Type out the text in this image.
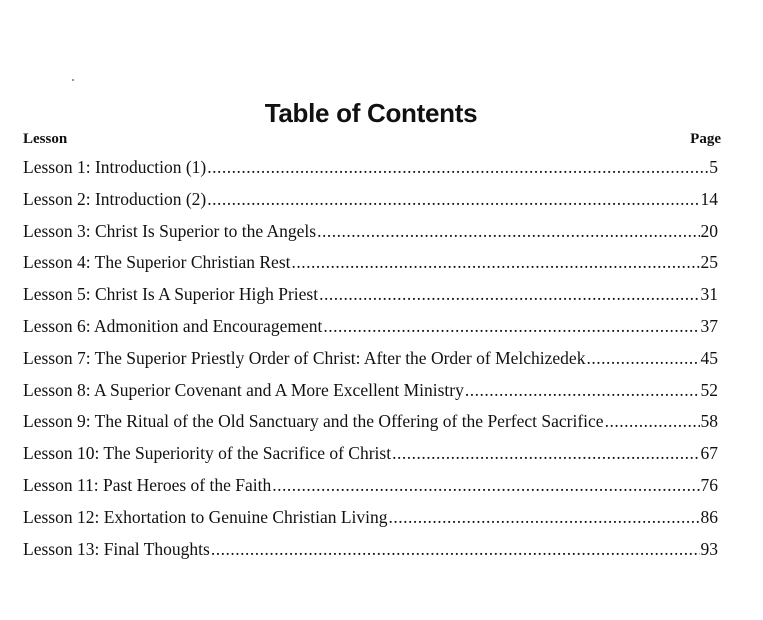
Table of Contents
Lesson	Page
Lesson 1: Introduction (1) .....	5
Lesson 2: Introduction (2) .....	14
Lesson 3: Christ Is Superior to the Angels .....	20
Lesson 4: The Superior Christian Rest .....	25
Lesson 5: Christ Is A Superior High Priest .....	31
Lesson 6: Admonition and Encouragement .....	37
Lesson 7: The Superior Priestly Order of Christ: After the Order of Melchizedek .....	45
Lesson 8: A Superior Covenant and A More Excellent Ministry .....	52
Lesson 9: The Ritual of the Old Sanctuary and the Offering of the Perfect Sacrifice .....	58
Lesson 10: The Superiority of the Sacrifice of Christ .....	67
Lesson 11: Past Heroes of the Faith .....	76
Lesson 12: Exhortation to Genuine Christian Living .....	86
Lesson 13: Final Thoughts .....	93
